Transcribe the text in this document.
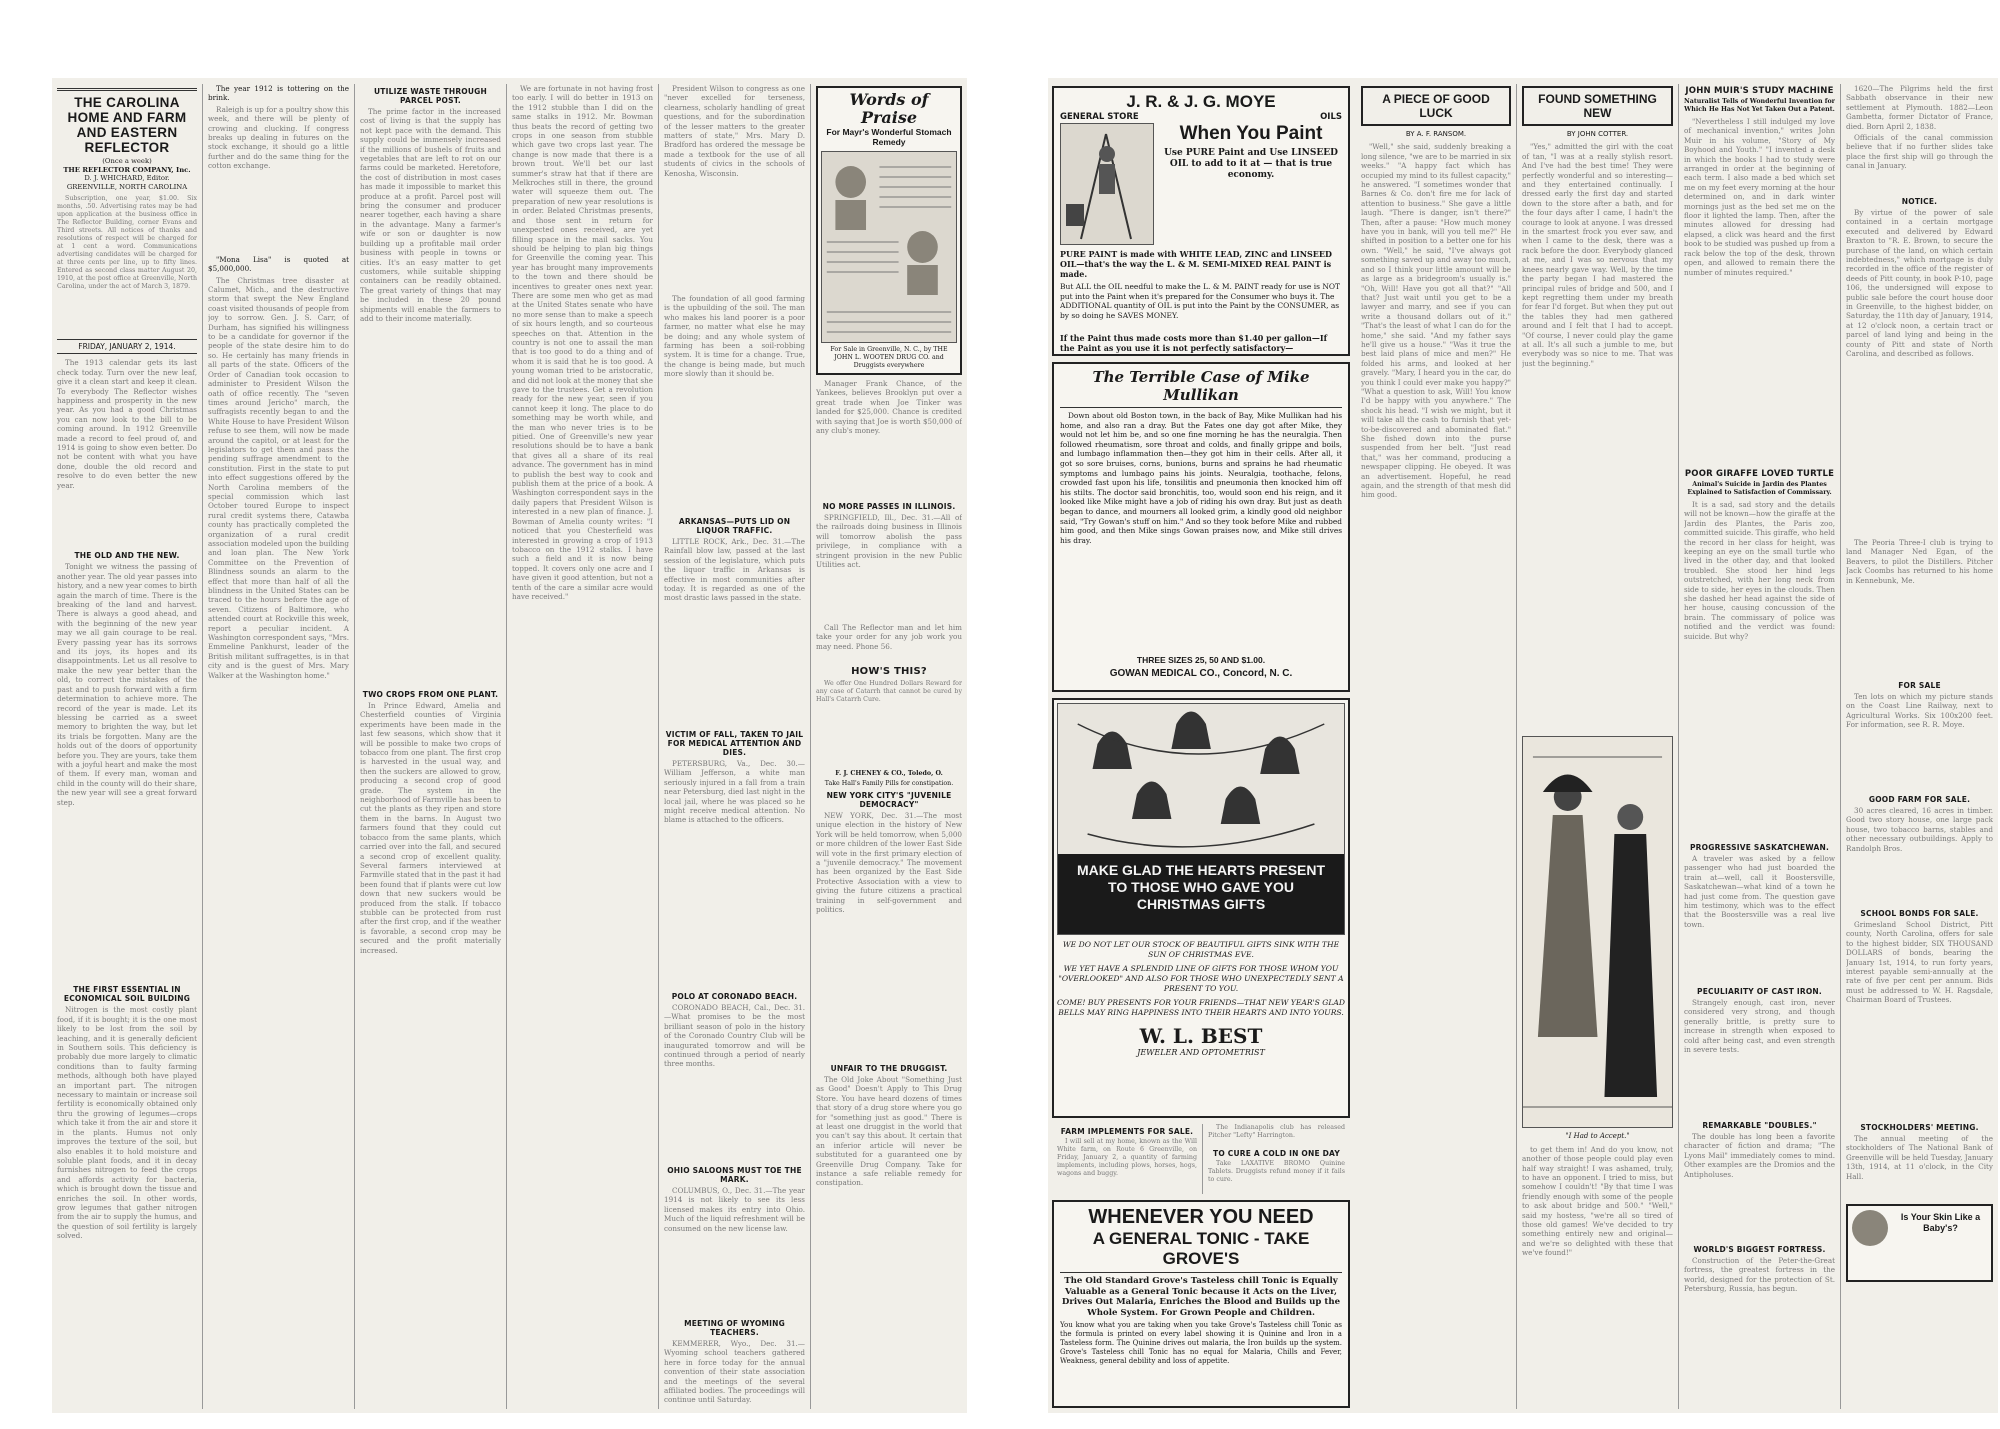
THE CAROLINA HOME AND FARM AND EASTERN REFLECTOR
(Once a week)
THE REFLECTOR COMPANY, Inc.
D. J. WHICHARD, Editor.
GREENVILLE, NORTH CAROLINA

Subscription, one year, $1.00. Six months, .50. Advertising rates may be had upon application at the business office in The Reflector Building, corner Evans and Third streets. All notices of thanks and resolutions of respect will be charged for at 1 cent a word. Communications advertising candidates will be charged for at three cents per line, up to fifty lines. Entered as second class matter August 20, 1910, at the post office at Greenville, North Carolina, under the act of March 3, 1879.

FRIDAY, JANUARY 2, 1914.

The 1913 calendar gets its last check today. Turn over the new leaf, give it a clean start and keep it clean. To everybody The Reflector wishes happiness and prosperity in the new year. As you had a good Christmas you can now look to the bill to be coming around. In 1912 Greenville made a record to feel proud of, and 1914 is going to show even better. Do not be content with what you have done, double the old record and resolve to do even better the new year.

THE OLD AND THE NEW.

Tonight we witness the passing of another year. The old year passes into history, and a new year comes to birth again the march of time. There is the breaking of the land and harvest. There is always a good ahead, and with the beginning of the new year may we all gain courage to be real. Every passing year has its sorrows and its joys, its hopes and its disappointments. Let us all resolve to make the new year better than the old, to correct the mistakes of the past and to push forward with a firm determination to achieve more. The record of the year is made. Let its blessing be carried as a sweet memory to brighten the way, but let its trials be forgotten. Many are the holds out of the doors of opportunity before you. They are yours, take them with a joyful heart and make the most of them. If every man, woman and child in the county will do their share, the new year will see a great forward step.

THE FIRST ESSENTIAL IN ECONOMICAL SOIL BUILDING

Nitrogen is the most costly plant food, if it is bought; it is the one most likely to be lost from the soil by leaching, and it is generally deficient in Southern soils. This deficiency is probably due more largely to climatic conditions than to faulty farming methods, although both have played an important part. The nitrogen necessary to maintain or increase soil fertility is economically obtained only thru the growing of legumes—crops which take it from the air and store it in the plants. Humus not only improves the texture of the soil, but also enables it to hold moisture and soluble plant foods, and it in decay furnishes nitrogen to feed the crops and affords activity for bacteria, which is brought down the tissue and enriches the soil. In other words, grow legumes that gather nitrogen from the air to supply the humus, and the question of soil fertility is largely solved.

The year 1912 is tottering on the brink.

Raleigh is up for a poultry show this week, and there will be plenty of crowing and clucking. If congress breaks up dealing in futures on the stock exchange, it should go a little further and do the same thing for the cotton exchange.

"Mona Lisa" is quoted at $5,000,000.

The Christmas tree disaster at Calumet, Mich., and the destructive storm that swept the New England coast visited thousands of people from joy to sorrow. Gen. J. S. Carr, of Durham, has signified his willingness to be a candidate for governor if the people of the state desire him to do so. He certainly has many friends in all parts of the state. Officers of the Order of Canadian took occasion to administer to President Wilson the oath of office recently. The "seven times around Jericho" march, the suffragists recently began to and the White House to have President Wilson refuse to see them, will now be made around the capitol, or at least for the legislators to get them and pass the pending suffrage amendment to the constitution. First in the state to put into effect suggestions offered by the North Carolina members of the special commission which last October toured Europe to inspect rural credit systems there, Catawba county has practically completed the organization of a rural credit association modeled upon the building and loan plan. The New York Committee on the Prevention of Blindness sounds an alarm to the effect that more than half of all the blindness in the United States can be traced to the hours before the age of seven. Citizens of Baltimore, who attended court at Rockville this week, report a peculiar incident. A Washington correspondent says, "Mrs. Emmeline Pankhurst, leader of the British militant suffragettes, is in that city and is the guest of Mrs. Mary Walker at the Washington home."

UTILIZE WASTE THROUGH PARCEL POST.

The prime factor in the increased cost of living is that the supply has not kept pace with the demand. This supply could be immensely increased if the millions of bushels of fruits and vegetables that are left to rot on our farms could be marketed. Heretofore, the cost of distribution in most cases has made it impossible to market this produce at a profit. Parcel post will bring the consumer and producer nearer together, each having a share in the advantage. Many a farmer's wife or son or daughter is now building up a profitable mail order business with people in towns or cities. It's an easy matter to get customers, while suitable shipping containers can be readily obtained. The great variety of things that may be included in these 20 pound shipments will enable the farmers to add to their income materially.

TWO CROPS FROM ONE PLANT.

In Prince Edward, Amelia and Chesterfield counties of Virginia experiments have been made in the last few seasons, which show that it will be possible to make two crops of tobacco from one plant. The first crop is harvested in the usual way, and then the suckers are allowed to grow, producing a second crop of good grade. The system in the neighborhood of Farmville has been to cut the plants as they ripen and store them in the barns. In August two farmers found that they could cut tobacco from the same plants, which carried over into the fall, and secured a second crop of excellent quality. Several farmers interviewed at Farmville stated that in the past it had been found that if plants were cut low down that new suckers would be produced from the stalk. If tobacco stubble can be protected from rust after the first crop, and if the weather is favorable, a second crop may be secured and the profit materially increased.

We are fortunate in not having frost too early. I will do better in 1913 on the 1912 stubble than I did on the same stalks in 1912. Mr. Bowman thus beats the record of getting two crops in one season from stubble which gave two crops last year. The change is now made that there is a brown trout. We'll bet our last summer's straw hat that if there are Melkroches still in there, the ground water will squeeze them out. The preparation of new year resolutions is in order. Belated Christmas presents, and those sent in return for unexpected ones received, are yet filling space in the mail sacks. You should be helping to plan big things for Greenville the coming year. This year has brought many improvements to the town and there should be incentives to greater ones next year. There are some men who get as mad at the United States senate who have no more sense than to make a speech of six hours length, and so courteous speeches on that. Attention in the country is not one to assail the man that is too good to do a thing and of whom it is said that he is too good. A young woman tried to be aristocratic, and did not look at the money that she gave to the trustees. Get a revolution ready for the new year, seen if you cannot keep it long. The place to do something may be worth while, and the man who never tries is to be pitied. One of Greenville's new year resolutions should be to have a bank that gives all a share of its real advance. The government has in mind to publish the best way to cook and publish them at the price of a book. A Washington correspondent says in the daily papers that President Wilson is interested in a new plan of finance. J. Bowman of Amelia county writes: "I noticed that you Chesterfield was interested in growing a crop of 1913 tobacco on the 1912 stalks. I have such a field and it is now being topped. It covers only one acre and I have given it good attention, but not a tenth of the care a similar acre would have received."

President Wilson to congress as one "never excelled for terseness, clearness, scholarly handling of great questions, and for the subordination of the lesser matters to the greater matters of state," Mrs. Mary D. Bradford has ordered the message be made a textbook for the use of all students of civics in the schools of Kenosha, Wisconsin.

The foundation of all good farming is the upbuilding of the soil. The man who makes his land poorer is a poor farmer, no matter what else he may be doing; and any whole system of farming has been a soil-robbing system. It is time for a change. True, the change is being made, but much more slowly than it should be.

ARKANSAS—PUTS LID ON LIQUOR TRAFFIC.

LITTLE ROCK, Ark., Dec. 31.—The Rainfall blow law, passed at the last session of the legislature, which puts the liquor traffic in Arkansas is effective in most communities after today. It is regarded as one of the most drastic laws passed in the state.

VICTIM OF FALL, TAKEN TO JAIL FOR MEDICAL ATTENTION AND DIES.

PETERSBURG, Va., Dec. 30.—William Jefferson, a white man seriously injured in a fall from a train near Petersburg, died last night in the local jail, where he was placed so he might receive medical attention. No blame is attached to the officers.

POLO AT CORONADO BEACH.

CORONADO BEACH, Cal., Dec. 31.—What promises to be the most brilliant season of polo in the history of the Coronado Country Club will be inaugurated tomorrow and will be continued through a period of nearly three months.

OHIO SALOONS MUST TOE THE MARK.

COLUMBUS, O., Dec. 31.—The year 1914 is not likely to see its less licensed makes its entry into Ohio. Much of the liquid refreshment will be consumed on the new license law.

MEETING OF WYOMING TEACHERS.

KEMMERER, Wyo., Dec. 31.—Wyoming school teachers gathered here in force today for the annual convention of their state association and the meetings of the several affiliated bodies. The proceedings will continue until Saturday.

Words of Praise
For Mayr's Wonderful Stomach Remedy
For Sale in Greenville, N. C., by THE JOHN L. WOOTEN DRUG CO. and Druggists everywhere

Manager Frank Chance, of the Yankees, believes Brooklyn put over a great trade when Joe Tinker was landed for $25,000. Chance is credited with saying that Joe is worth $50,000 of any club's money.

NO MORE PASSES IN ILLINOIS.

SPRINGFIELD, Ill., Dec. 31.—All of the railroads doing business in Illinois will tomorrow abolish the pass privilege, in compliance with a stringent provision in the new Public Utilities act.

Call The Reflector man and let him take your order for any job work you may need. Phone 56.

HOW'S THIS?

We offer One Hundred Dollars Reward for any case of Catarrh that cannot be cured by Hall's Catarrh Cure.

F. J. CHENEY & CO., Toledo, O.

Take Hall's Family Pills for constipation.

NEW YORK CITY'S "JUVENILE DEMOCRACY"

NEW YORK, Dec. 31.—The most unique election in the history of New York will be held tomorrow, when 5,000 or more children of the lower East Side will vote in the first primary election of a "juvenile democracy." The movement has been organized by the East Side Protective Association with a view to giving the future citizens a practical training in self-government and politics.

UNFAIR TO THE DRUGGIST.

The Old Joke About "Something Just as Good" Doesn't Apply to This Drug Store. You have heard dozens of times that story of a drug store where you go for "something just as good." There is at least one druggist in the world that you can't say this about. It certain that an inferior article will never be substituted for a guaranteed one by Greenville Drug Company. Take for instance a safe reliable remedy for constipation.

J. R. & J. G. MOYE
GENERAL STORE	OILS
When You Paint
Use PURE Paint and Use LINSEED OIL to add to it at — that is true economy.
PURE PAINT is made with WHITE LEAD, ZINC and LINSEED OIL—that's the way the L. & M. SEMI-MIXED REAL PAINT is made.
But ALL the OIL needful to make the L. & M. PAINT ready for use is NOT put into the Paint when it's prepared for the Consumer who buys it. The ADDITIONAL quantity of OIL is put into the Paint by the CONSUMER, as by so doing he SAVES MONEY.
If the Paint thus made costs more than $1.40 per gallon—If the Paint as you use it is not perfectly satisfactory—
The Terrible Case of Mike Mullikan

Down about old Boston town, in the back of Bay, Mike Mullikan had his home, and also ran a dray. But the Fates one day got after Mike, they would not let him be, and so one fine morning he has the neuralgia. Then followed rheumatism, sore throat and colds, and finally grippe and boils, and lumbago inflammation then—they got him in their cells. After all, it got so sore bruises, corns, bunions, burns and sprains he had rheumatic symptoms and lumbago pains his joints. Neuralgia, toothache, felons, crowded fast upon his life, tonsilitis and pneumonia then knocked him off his stilts. The doctor said bronchitis, too, would soon end his reign, and it looked like Mike might have a job of riding his own dray. But just as death began to dance, and mourners all looked grim, a kindly good old neighbor said, "Try Gowan's stuff on him." And so they took before Mike and rubbed him good, and then Mike sings Gowan praises now, and Mike still drives his dray.

THREE SIZES 25, 50 AND $1.00.
GOWAN MEDICAL CO., Concord, N. C.
MAKE GLAD THE HEARTS PRESENT TO THOSE WHO GAVE YOU CHRISTMAS GIFTS
WE DO NOT LET OUR STOCK OF BEAUTIFUL GIFTS SINK WITH THE SUN OF CHRISTMAS EVE.
WE YET HAVE A SPLENDID LINE OF GIFTS FOR THOSE WHOM YOU "OVERLOOKED" AND ALSO FOR THOSE WHO UNEXPECTEDLY SENT A PRESENT TO YOU.
COME! BUY PRESENTS FOR YOUR FRIENDS—THAT NEW YEAR'S GLAD BELLS MAY RING HAPPINESS INTO THEIR HEARTS AND INTO YOURS.
W. L. BEST
JEWELER AND OPTOMETRIST
FARM IMPLEMENTS FOR SALE.

I will sell at my home, known as the Will White farm, on Route 6 Greenville, on Friday, January 2, a quantity of farming implements, including plows, horses, hogs, wagons and buggy.

The Indianapolis club has released Pitcher "Lefty" Harrington.

TO CURE A COLD IN ONE DAY

Take LAXATIVE BROMO Quinine Tablets. Druggists refund money if it fails to cure.

WHENEVER YOU NEED
A GENERAL TONIC - TAKE GROVE'S
The Old Standard Grove's Tasteless chill Tonic is Equally Valuable as a General Tonic because it Acts on the Liver, Drives Out Malaria, Enriches the Blood and Builds up the Whole System. For Grown People and Children.
You know what you are taking when you take Grove's Tasteless chill Tonic as the formula is printed on every label showing it is Quinine and Iron in a Tasteless form. The Quinine drives out malaria, the Iron builds up the system. Grove's Tasteless chill Tonic has no equal for Malaria, Chills and Fever, Weakness, general debility and loss of appetite.
A PIECE OF GOOD LUCK
BY A. F. RANSOM.

"Well," she said, suddenly breaking a long silence, "we are to be married in six weeks." "A happy fact which has occupied my mind to its fullest capacity," he answered. "I sometimes wonder that Barnes & Co. don't fire me for lack of attention to business." She gave a little laugh. "There is danger, isn't there?" Then, after a pause: "How much money have you in bank, will you tell me?" He shifted in position to a better one for his own. "Well," he said, "I've always got something saved up and away too much, and so I think your little amount will be as large as a bridegroom's usually is." "Oh, Will! Have you got all that?" "All that? Just wait until you get to be a lawyer and marry, and see if you can write a thousand dollars out of it." "That's the least of what I can do for the home," she said. "And my father says he'll give us a house." "Was it true the best laid plans of mice and men?" He folded his arms, and looked at her gravely. "Mary, I heard you in the car, do you think I could ever make you happy?" "What a question to ask, Will! You know I'd be happy with you anywhere." The shock his head. "I wish we might, but it will take all the cash to furnish that yet-to-be-discovered and abominated flat." She fished down into the purse suspended from her belt. "Just read that," was her command, producing a newspaper clipping. He obeyed. It was an advertisement. Hopeful, he read again, and the strength of that mesh did him good.

FOUND SOMETHING NEW
BY JOHN COTTER.

"Yes," admitted the girl with the coat of tan, "I was at a really stylish resort. And I've had the best time! They were perfectly wonderful and so interesting—and they entertained continually. I dressed early the first day and started down to the store after a bath, and for the four days after I came, I hadn't the courage to look at anyone. I was dressed in the smartest frock you ever saw, and when I came to the desk, there was a rack before the door. Everybody glanced at me, and I was so nervous that my knees nearly gave way. Well, by the time the party began I had mastered the principal rules of bridge and 500, and I kept regretting them under my breath for fear I'd forget. But when they put out the tables they had men gathered around and I felt that I had to accept. "Of course, I never could play the game at all. It's all such a jumble to me, but everybody was so nice to me. That was just the beginning."

"I Had to Accept."

to get them in! And do you know, not another of those people could play even half way straight! I was ashamed, truly, to have an opponent. I tried to miss, but somehow I couldn't! "By that time I was friendly enough with some of the people to ask about bridge and 500." "Well," said my hostess, "we're all so tired of those old games! We've decided to try something entirely new and original—and we're so delighted with these that we've found!"

JOHN MUIR'S STUDY MACHINE
Naturalist Tells of Wonderful Invention for Which He Has Not Yet Taken Out a Patent.

"Nevertheless I still indulged my love of mechanical invention," writes John Muir in his volume, "Story of My Boyhood and Youth." "I invented a desk in which the books I had to study were arranged in order at the beginning of each term. I also made a bed which set me on my feet every morning at the hour determined on, and in dark winter mornings just as the bed set me on the floor it lighted the lamp. Then, after the minutes allowed for dressing had elapsed, a click was heard and the first book to be studied was pushed up from a rack below the top of the desk, thrown open, and allowed to remain there the number of minutes required."

POOR GIRAFFE LOVED TURTLE
Animal's Suicide in Jardin des Plantes Explained to Satisfaction of Commissary.

It is a sad, sad story and the details will not be known—how the giraffe at the Jardin des Plantes, the Paris zoo, committed suicide. This giraffe, who held the record in her class for height, was keeping an eye on the small turtle who lived in the other day, and that looked troubled. She stood her hind legs outstretched, with her long neck from side to side, her eyes in the clouds. Then she dashed her head against the side of her house, causing concussion of the brain. The commissary of police was notified and the verdict was found: suicide. But why?

PROGRESSIVE SASKATCHEWAN.

A traveler was asked by a fellow passenger who had just boarded the train at—well, call it Boostersville, Saskatchewan—what kind of a town he had just come from. The question gave him testimony, which was to the effect that the Boostersville was a real live town.

PECULIARITY OF CAST IRON.

Strangely enough, cast iron, never considered very strong, and though generally brittle, is pretty sure to increase in strength when exposed to cold after being cast, and even strength in severe tests.

REMARKABLE "DOUBLES."

The double has long been a favorite character of fiction and drama; "The Lyons Mail" immediately comes to mind. Other examples are the Dromios and the Antipholuses.

WORLD'S BIGGEST FORTRESS.

Construction of the Peter-the-Great fortress, the greatest fortress in the world, designed for the protection of St. Petersburg, Russia, has begun.

1620—The Pilgrims held the first Sabbath observance in their new settlement at Plymouth. 1882—Leon Gambetta, former Dictator of France, died. Born April 2, 1838.

Officials of the canal commission believe that if no further slides take place the first ship will go through the canal in January.

NOTICE.

By virtue of the power of sale contained in a certain mortgage executed and delivered by Edward Braxton to "R. E. Brown, to secure the purchase of the land, on which certain indebtedness," which mortgage is duly recorded in the office of the register of deeds of Pitt county, in book P-10, page 106, the undersigned will expose to public sale before the court house door in Greenville, to the highest bidder, on Saturday, the 11th day of January, 1914, at 12 o'clock noon, a certain tract or parcel of land lying and being in the county of Pitt and state of North Carolina, and described as follows.

The Peoria Three-I club is trying to land Manager Ned Egan, of the Beavers, to pilot the Distillers. Pitcher Jack Coombs has returned to his home in Kennebunk, Me.

FOR SALE

Ten lots on which my picture stands on the Coast Line Railway, next to Agricultural Works. Six 100x200 feet. For information, see R. R. Moye.

GOOD FARM FOR SALE.

30 acres cleared, 16 acres in timber. Good two story house, one large pack house, two tobacco barns, stables and other necessary outbuildings. Apply to Randolph Bros.

SCHOOL BONDS FOR SALE.

Grimesland School District, Pitt county, North Carolina, offers for sale to the highest bidder, SIX THOUSAND DOLLARS of bonds, bearing the January 1st, 1914, to run forty years, interest payable semi-annually at the rate of five per cent per annum. Bids must be addressed to W. H. Ragsdale, Chairman Board of Trustees.

STOCKHOLDERS' MEETING.

The annual meeting of the stockholders of The National Bank of Greenville will be held Tuesday, January 13th, 1914, at 11 o'clock, in the City Hall.

Is Your Skin Like a Baby's?
